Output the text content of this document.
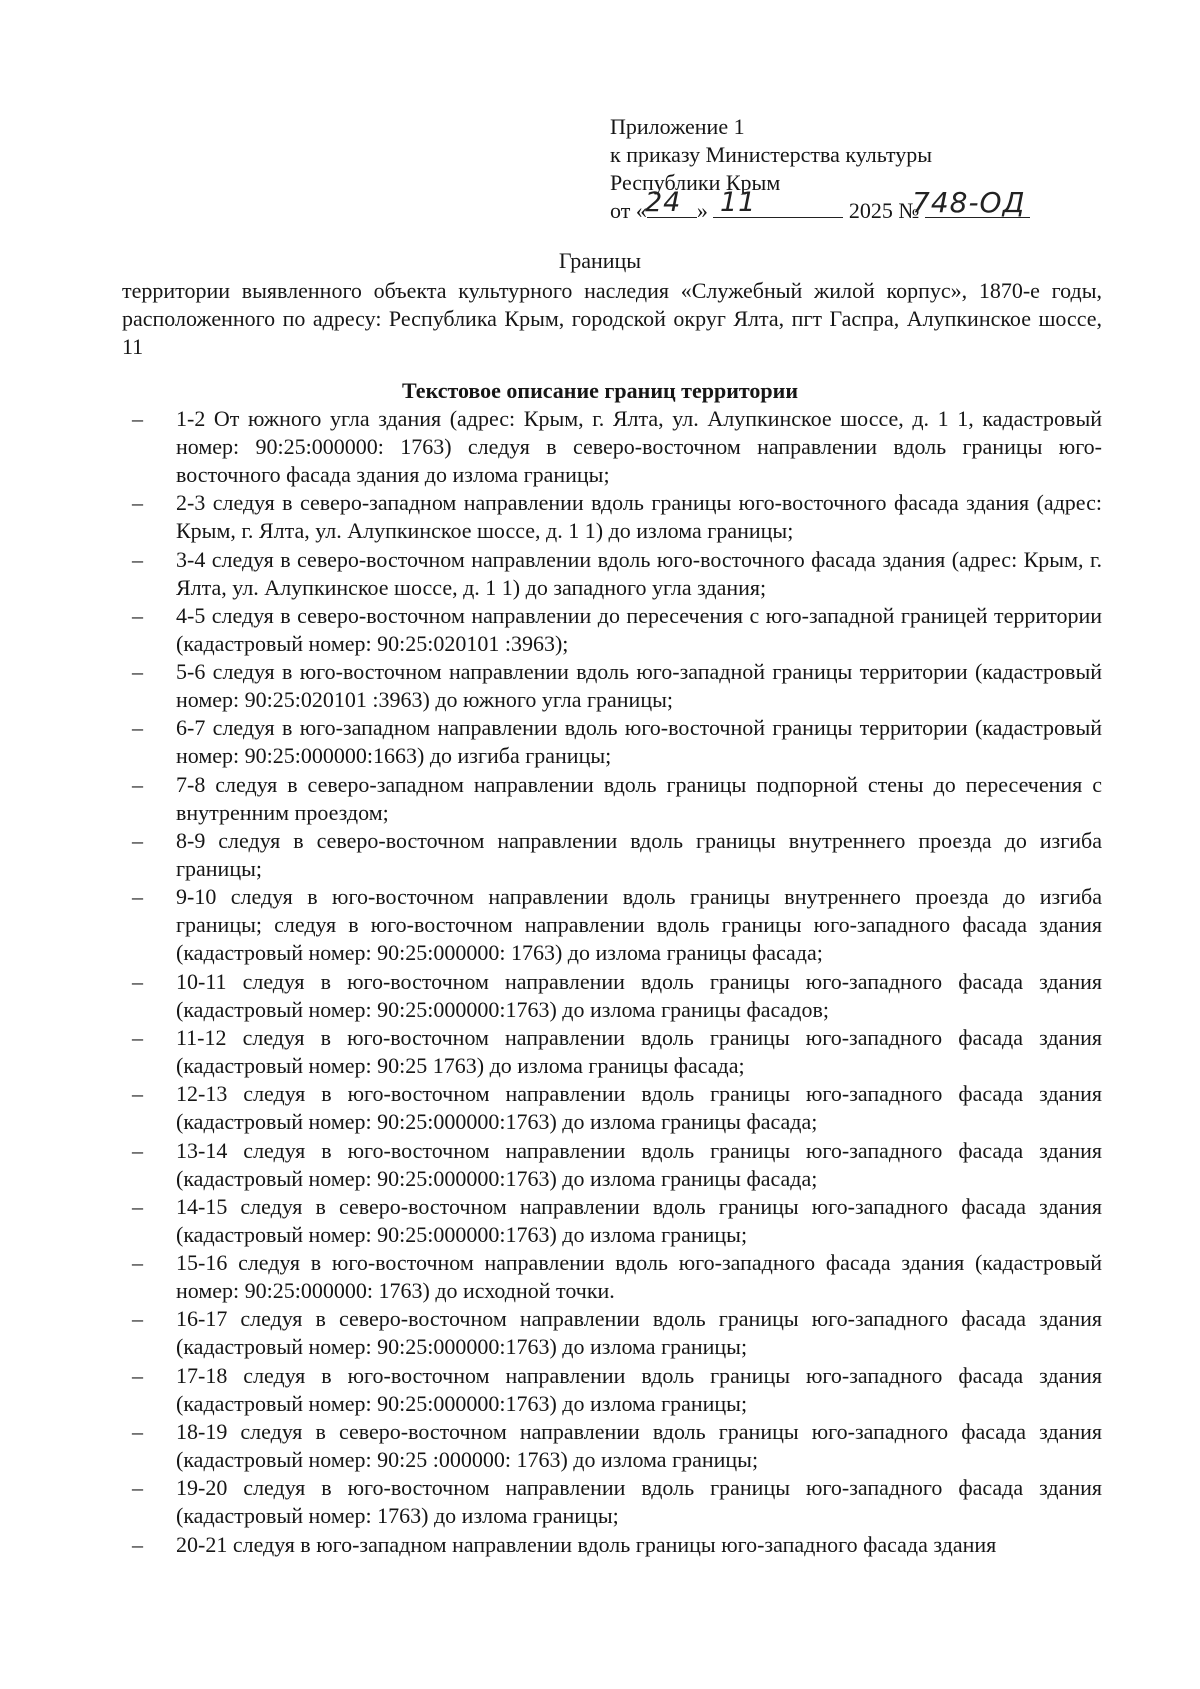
Приложение 1
к приказу Министерства культуры
Республики Крым
от « »	2025 №
24 11	748-ОД
Границы
территории выявленного объекта культурного наследия «Служебный жилой корпус», 1870-е годы, расположенного по адресу: Республика Крым, городской округ Ялта, пгт Гаспра, Алупкинское шоссе, 11
Текстовое описание границ территории
– 1-2 От южного угла здания (адрес: Крым, г. Ялта, ул. Алупкинское шоссе, д. 1 1, кадастровый номер: 90:25:000000: 1763) следуя в северо-восточном направлении вдоль границы юго-восточного фасада здания до излома границы;
– 2-3 следуя в северо-западном направлении вдоль границы юго-восточного фасада здания (адрес: Крым, г. Ялта, ул. Алупкинское шоссе, д. 1 1) до излома границы;
– 3-4 следуя в северо-восточном направлении вдоль юго-восточного фасада здания (адрес: Крым, г. Ялта, ул. Алупкинское шоссе, д. 1 1) до западного угла здания;
– 4-5 следуя в северо-восточном направлении до пересечения с юго-западной границей территории (кадастровый номер: 90:25:020101 :3963);
– 5-6 следуя в юго-восточном направлении вдоль юго-западной границы территории (кадастровый номер: 90:25:020101 :3963) до южного угла границы;
– 6-7 следуя в юго-западном направлении вдоль юго-восточной границы территории (кадастровый номер: 90:25:000000:1663) до изгиба границы;
– 7-8 следуя в северо-западном направлении вдоль границы подпорной стены до пересечения с внутренним проездом;
– 8-9 следуя в северо-восточном направлении вдоль границы внутреннего проезда до изгиба границы;
– 9-10 следуя в юго-восточном направлении вдоль границы внутреннего проезда до изгиба границы; следуя в юго-восточном направлении вдоль границы юго-западного фасада здания (кадастровый номер: 90:25:000000: 1763) до излома границы фасада;
– 10-11 следуя в юго-восточном направлении вдоль границы юго-западного фасада здания (кадастровый номер: 90:25:000000:1763) до излома границы фасадов;
– 11-12 следуя в юго-восточном направлении вдоль границы юго-западного фасада здания (кадастровый номер: 90:25 1763) до излома границы фасада;
– 12-13 следуя в юго-восточном направлении вдоль границы юго-западного фасада здания (кадастровый номер: 90:25:000000:1763) до излома границы фасада;
– 13-14 следуя в юго-восточном направлении вдоль границы юго-западного фасада здания (кадастровый номер: 90:25:000000:1763) до излома границы фасада;
– 14-15 следуя в северо-восточном направлении вдоль границы юго-западного фасада здания (кадастровый номер: 90:25:000000:1763) до излома границы;
– 15-16 следуя в юго-восточном направлении вдоль юго-западного фасада здания (кадастровый номер: 90:25:000000: 1763) до исходной точки.
– 16-17 следуя в северо-восточном направлении вдоль границы юго-западного фасада здания (кадастровый номер: 90:25:000000:1763) до излома границы;
– 17-18 следуя в юго-восточном направлении вдоль границы юго-западного фасада здания (кадастровый номер: 90:25:000000:1763) до излома границы;
– 18-19 следуя в северо-восточном направлении вдоль границы юго-западного фасада здания (кадастровый номер: 90:25 :000000: 1763) до излома границы;
– 19-20 следуя в юго-восточном направлении вдоль границы юго-западного фасада здания (кадастровый номер: 1763) до излома границы;
– 20-21 следуя в юго-западном направлении вдоль границы юго-западного фасада здания
